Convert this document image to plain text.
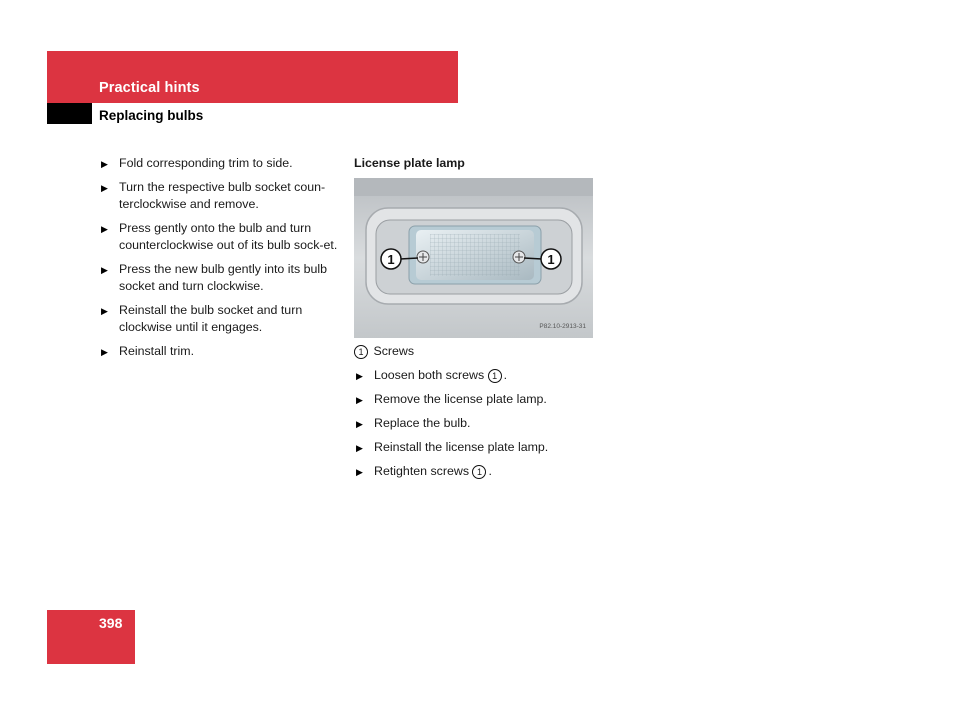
Practical hints
Replacing bulbs
▶ Fold corresponding trim to side.
▶ Turn the respective bulb socket coun-terclockwise and remove.
▶ Press gently onto the bulb and turn counterclockwise out of its bulb sock-et.
▶ Press the new bulb gently into its bulb socket and turn clockwise.
▶ Reinstall the bulb socket and turn clockwise until it engages.
▶ Reinstall trim.
License plate lamp
1	1
P82.10-2913-31
1 Screws
▶ Loosen both screws 1 .
▶ Remove the license plate lamp.
▶ Replace the bulb.
▶ Reinstall the license plate lamp.
▶ Retighten screws 1 .
398
